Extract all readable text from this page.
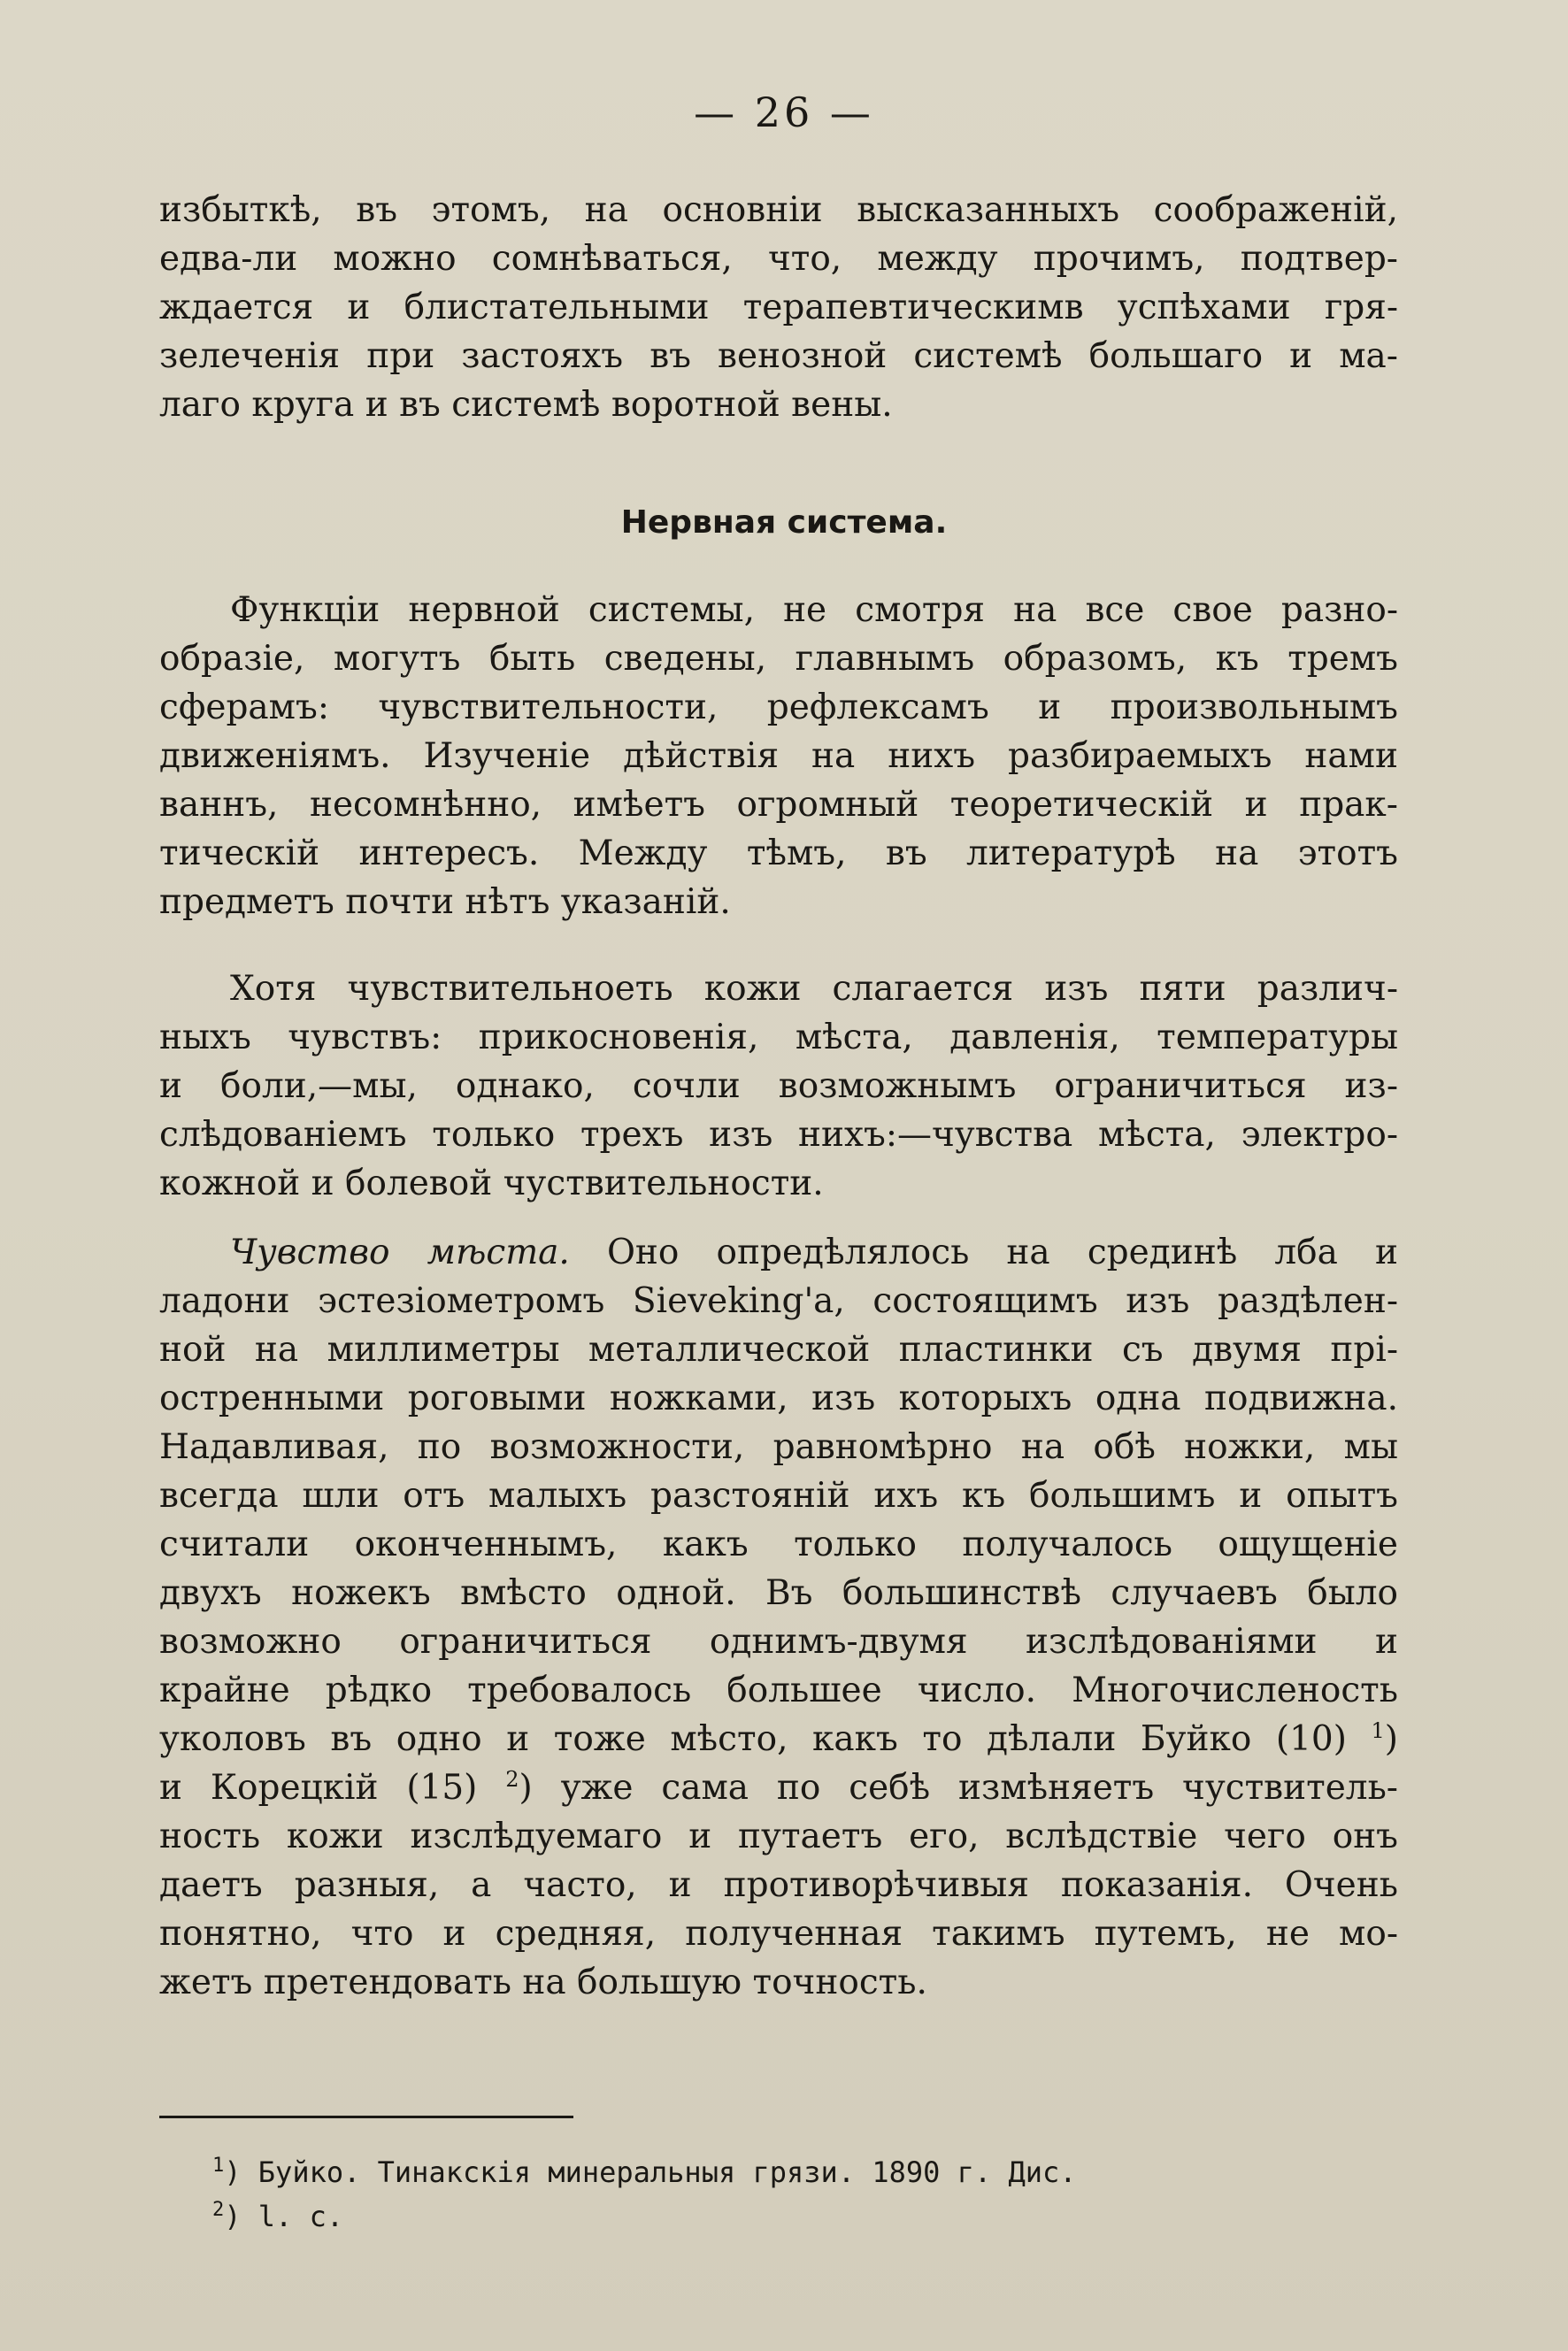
— 26 —
избыткѣ, въ этомъ, на основніи высказанныхъ соображеній,
едва-ли можно сомнѣваться, что, между прочимъ, подтвер-
ждается и блистательными терапевтическимв успѣхами гря-
зелеченія при застояхъ въ венозной системѣ большаго и ма-
лаго круга и въ системѣ воротной вены.
Нервная система.
Функціи нервной системы, не смотря на все свое разно-
образіе, могутъ быть сведены, главнымъ образомъ, къ тремъ
сферамъ: чувствительности, рефлексамъ и произвольнымъ
движеніямъ. Изученіе дѣйствія на нихъ разбираемыхъ нами
ваннъ, несомнѣнно, имѣетъ огромный теоретическій и прак-
тическій интересъ. Между тѣмъ, въ литературѣ на этотъ
предметъ почти нѣтъ указаній.
Хотя чувствительноеть кожи слагается изъ пяти различ-
ныхъ чувствъ: прикосновенія, мѣста, давленія, температуры
и боли,—мы, однако, сочли возможнымъ ограничиться из-
слѣдованіемъ только трехъ изъ нихъ:—чувства мѣста, электро-
кожной и болевой чуствительности.
Чувство мѣста. Оно опредѣлялось на срединѣ лба и
ладони эстезіометромъ Sieveking'а, состоящимъ изъ раздѣлен-
ной на миллиметры металлической пластинки съ двумя прі-
остренными роговыми ножками, изъ которыхъ одна подвижна.
Надавливая, по возможности, равномѣрно на обѣ ножки, мы
всегда шли отъ малыхъ разстояній ихъ къ большимъ и опытъ
считали оконченнымъ, какъ только получалось ощущеніе
двухъ ножекъ вмѣсто одной. Въ большинствѣ случаевъ было
возможно ограничиться однимъ-двумя изслѣдованіями и
крайне рѣдко требовалось большее число. Многочисленость
уколовъ въ одно и тоже мѣсто, какъ то дѣлали Буйко (10) $^1$)
и Корецкій (15) $^2$) уже сама по себѣ измѣняетъ чуствитель-
ность кожи изслѣдуемаго и путаетъ его, вслѣдствіе чего онъ
даетъ разныя, а часто, и противорѣчивыя показанія. Очень
понятно, что и средняя, полученная такимъ путемъ, не мо-
жетъ претендовать на большую точность.
$^1$) Буйко. Тинакскія минеральныя грязи. 1890 г. Дис.
$^2$) l. с.
